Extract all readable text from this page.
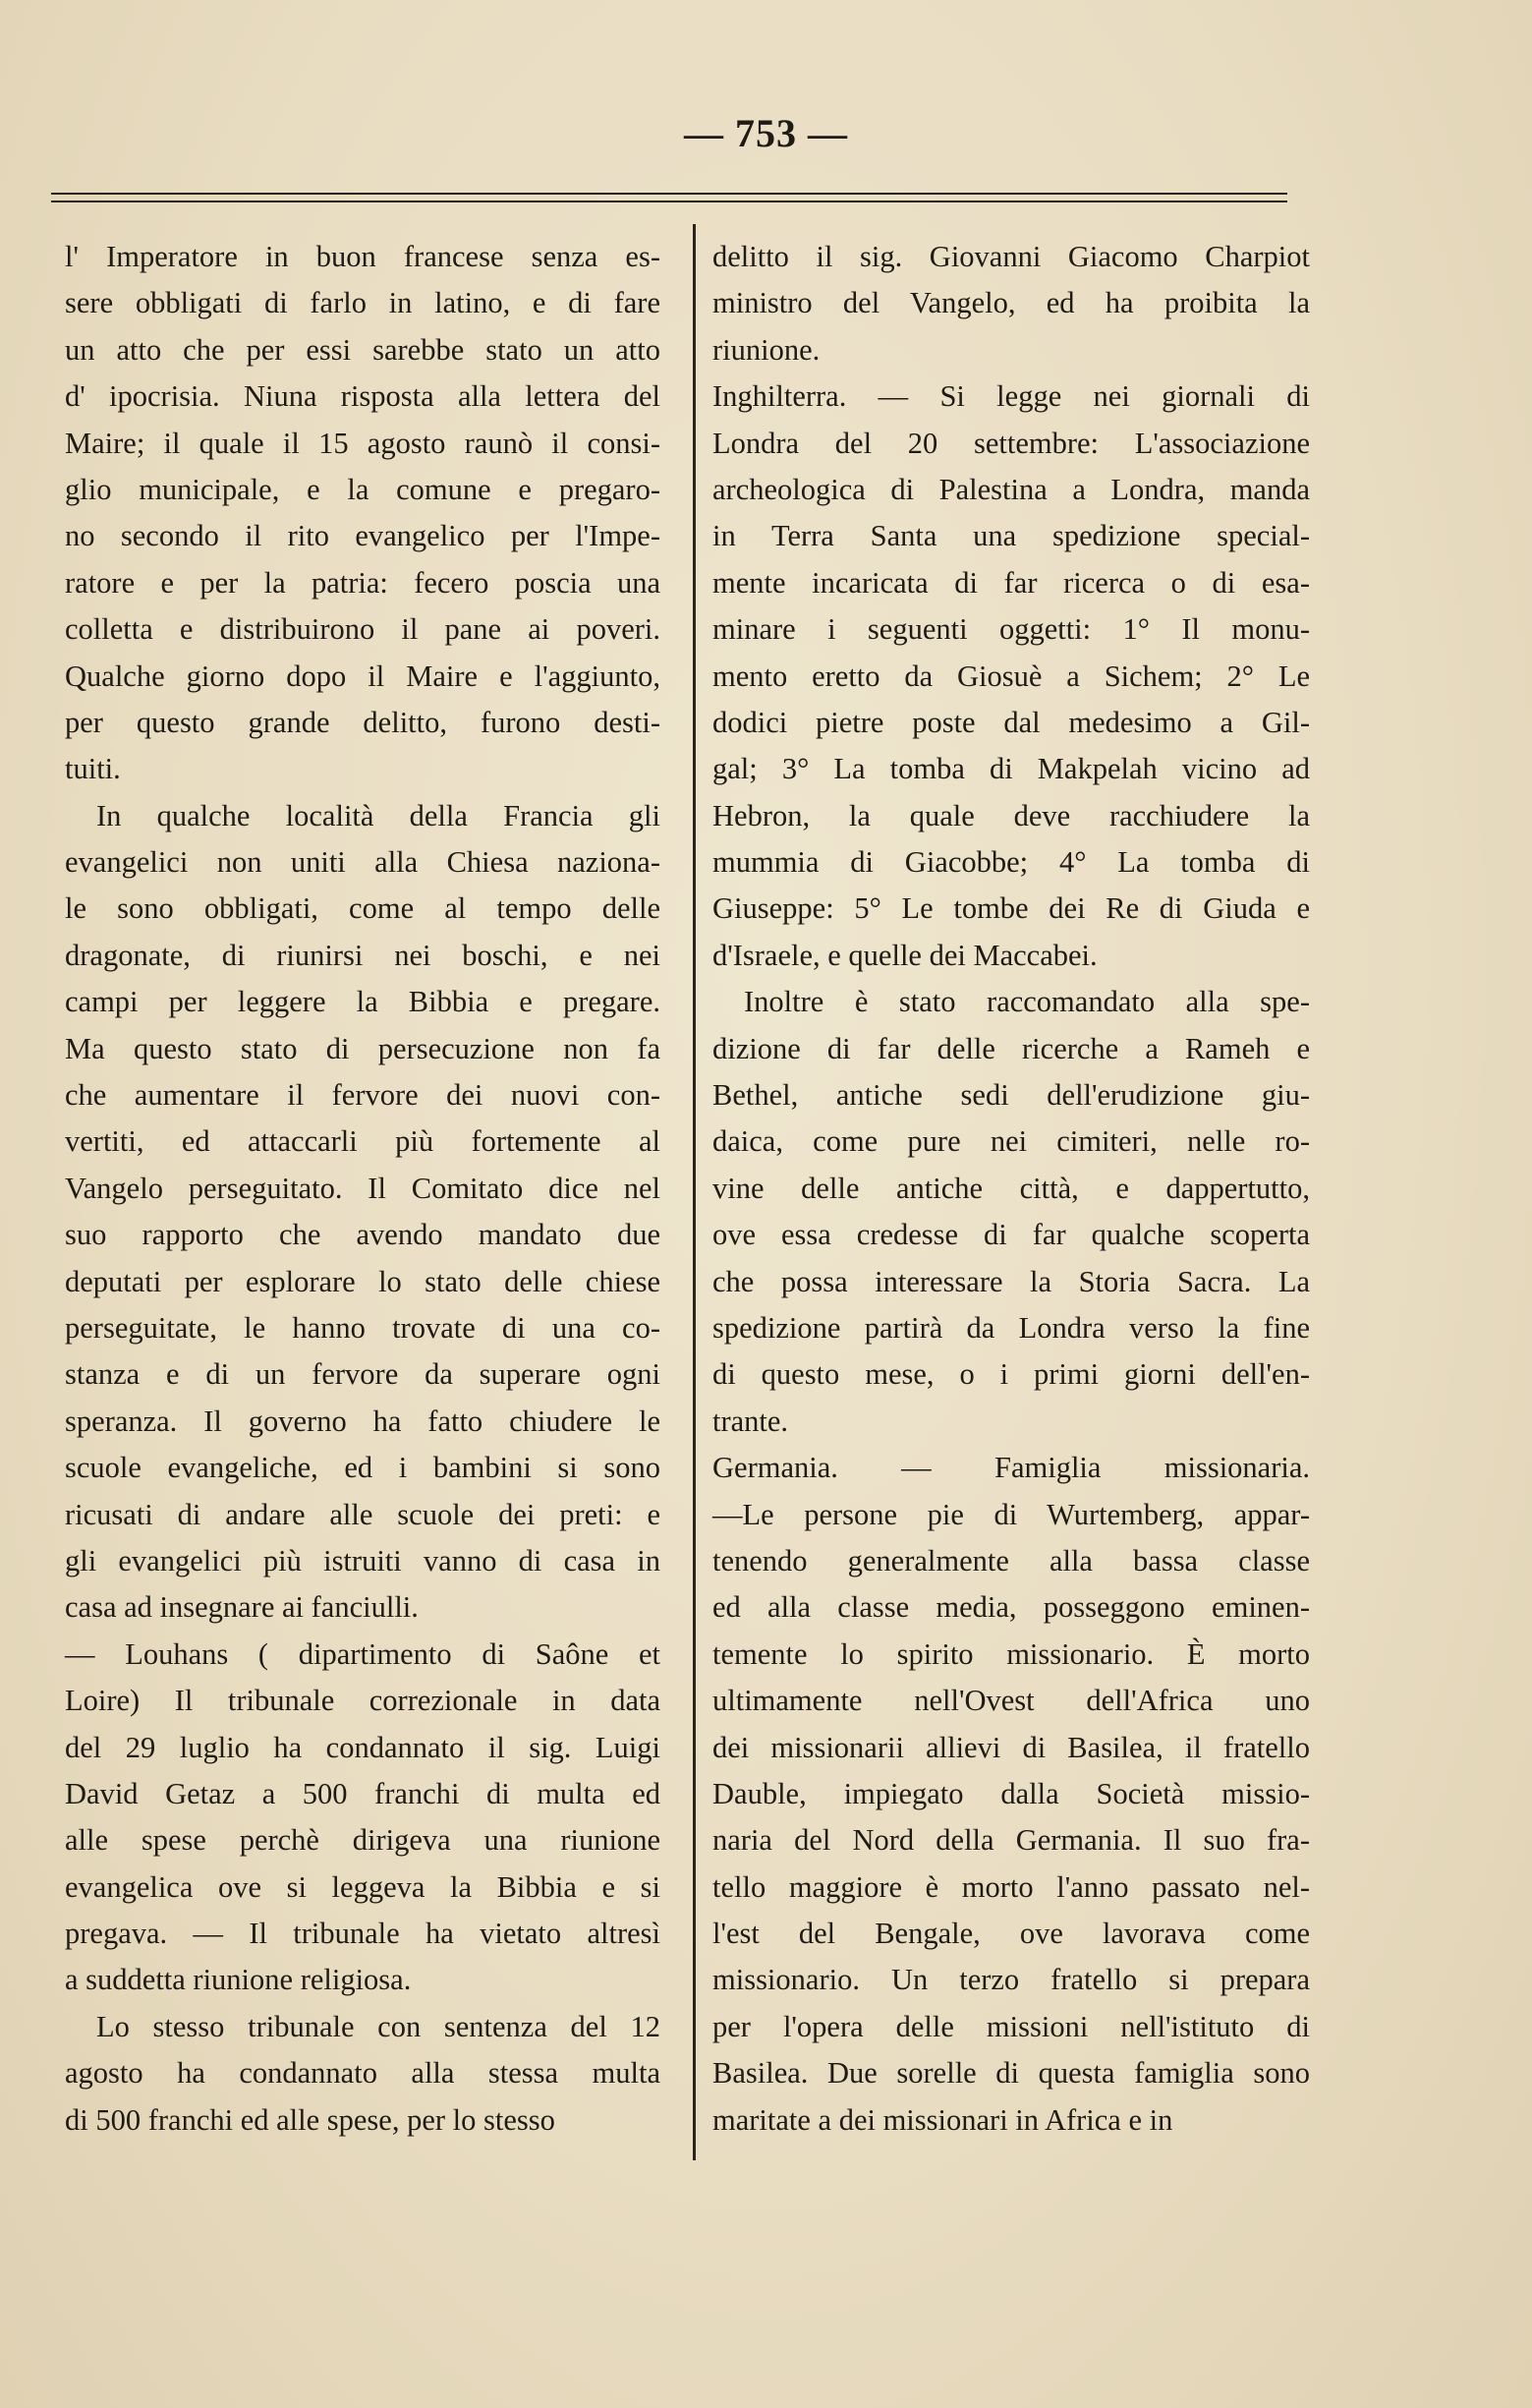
— 753 —
l' Imperatore in buon francese senza es-
sere obbligati di farlo in latino, e di fare
un atto che per essi sarebbe stato un atto
d' ipocrisia. Niuna risposta alla lettera del
Maire; il quale il 15 agosto raunò il consi-
glio municipale, e la comune e pregaro-
no secondo il rito evangelico per l'Impe-
ratore e per la patria: fecero poscia una
colletta e distribuirono il pane ai poveri.
Qualche giorno dopo il Maire e l'aggiunto,
per questo grande delitto, furono desti-
tuiti.
In qualche località della Francia gli
evangelici non uniti alla Chiesa naziona-
le sono obbligati, come al tempo delle
dragonate, di riunirsi nei boschi, e nei
campi per leggere la Bibbia e pregare.
Ma questo stato di persecuzione non fa
che aumentare il fervore dei nuovi con-
vertiti, ed attaccarli più fortemente al
Vangelo perseguitato. Il Comitato dice nel
suo rapporto che avendo mandato due
deputati per esplorare lo stato delle chiese
perseguitate, le hanno trovate di una co-
stanza e di un fervore da superare ogni
speranza. Il governo ha fatto chiudere le
scuole evangeliche, ed i bambini si sono
ricusati di andare alle scuole dei preti: e
gli evangelici più istruiti vanno di casa in
casa ad insegnare ai fanciulli.
— Louhans ( dipartimento di Saône et
Loire) Il tribunale correzionale in data
del 29 luglio ha condannato il sig. Luigi
David Getaz a 500 franchi di multa ed
alle spese perchè dirigeva una riunione
evangelica ove si leggeva la Bibbia e si
pregava. — Il tribunale ha vietato altresì
a suddetta riunione religiosa.
Lo stesso tribunale con sentenza del 12
agosto ha condannato alla stessa multa
di 500 franchi ed alle spese, per lo stesso
delitto il sig. Giovanni Giacomo Charpiot
ministro del Vangelo, ed ha proibita la
riunione.
Inghilterra. — Si legge nei giornali di
Londra del 20 settembre: L'associazione
archeologica di Palestina a Londra, manda
in Terra Santa una spedizione special-
mente incaricata di far ricerca o di esa-
minare i seguenti oggetti: 1° Il monu-
mento eretto da Giosuè a Sichem; 2° Le
dodici pietre poste dal medesimo a Gil-
gal; 3° La tomba di Makpelah vicino ad
Hebron, la quale deve racchiudere la
mummia di Giacobbe; 4° La tomba di
Giuseppe: 5° Le tombe dei Re di Giuda e
d'Israele, e quelle dei Maccabei.
Inoltre è stato raccomandato alla spe-
dizione di far delle ricerche a Rameh e
Bethel, antiche sedi dell'erudizione giu-
daica, come pure nei cimiteri, nelle ro-
vine delle antiche città, e dappertutto,
ove essa credesse di far qualche scoperta
che possa interessare la Storia Sacra. La
spedizione partirà da Londra verso la fine
di questo mese, o i primi giorni dell'en-
trante.
Germania. — Famiglia missionaria.
—Le persone pie di Wurtemberg, appar-
tenendo generalmente alla bassa classe
ed alla classe media, posseggono eminen-
temente lo spirito missionario. È morto
ultimamente nell'Ovest dell'Africa uno
dei missionarii allievi di Basilea, il fratello
Dauble, impiegato dalla Società missio-
naria del Nord della Germania. Il suo fra-
tello maggiore è morto l'anno passato nel-
l'est del Bengale, ove lavorava come
missionario. Un terzo fratello si prepara
per l'opera delle missioni nell'istituto di
Basilea. Due sorelle di questa famiglia sono
maritate a dei missionari in Africa e in
